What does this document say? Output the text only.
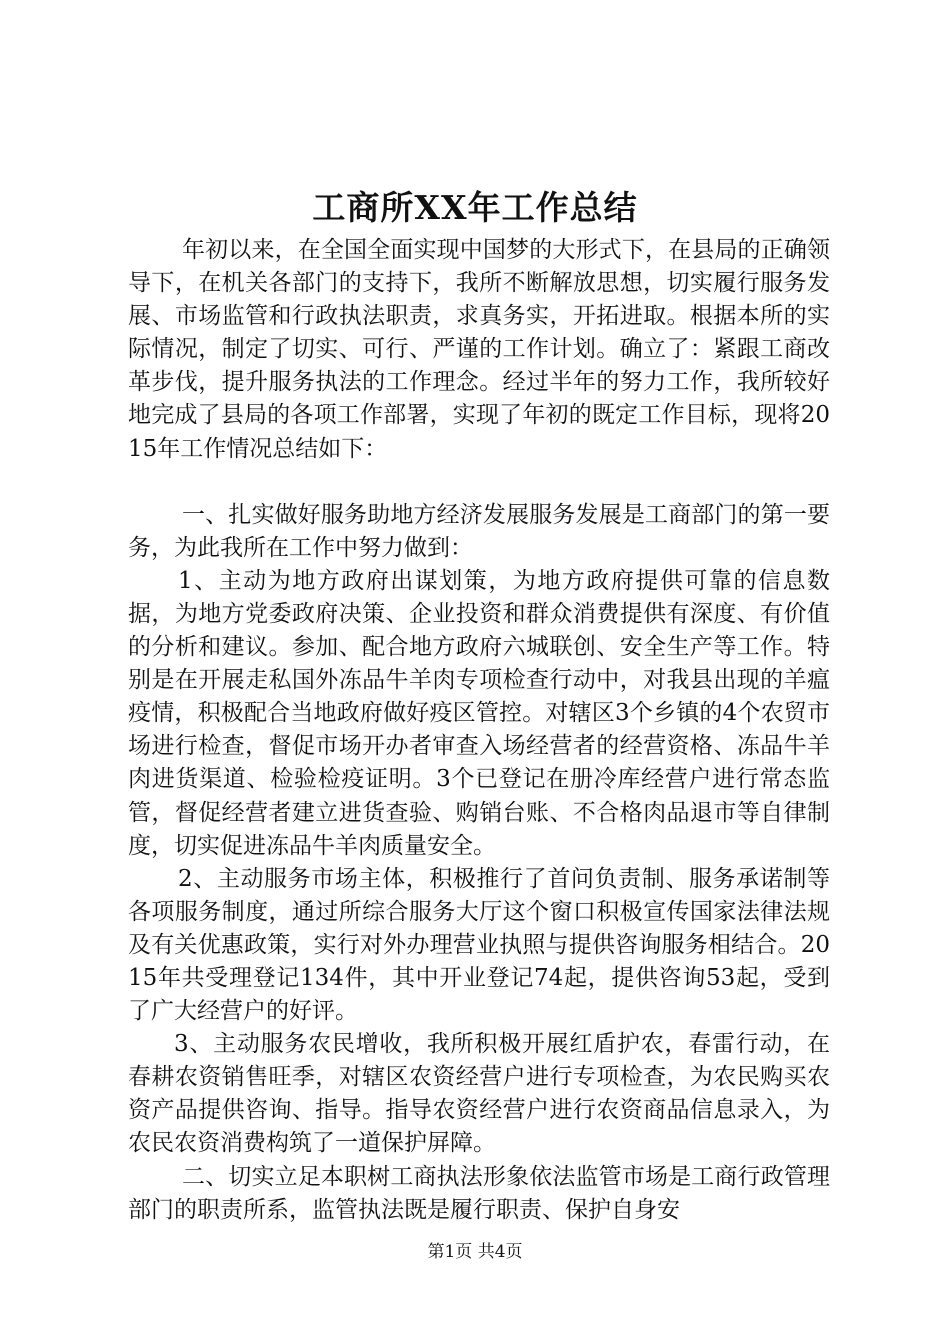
工商所XX年工作总结

年初以来，在全国全面实现中国梦的大形式下，在县局的正确领导下，在机关各部门的支持下，我所不断解放思想，切实履行服务发展、市场监管和行政执法职责，求真务实，开拓进取。根据本所的实际情况，制定了切实、可行、严谨的工作计划。确立了：紧跟工商改革步伐，提升服务执法的工作理念。经过半年的努力工作，我所较好地完成了县局的各项工作部署，实现了年初的既定工作目标，现将2015年工作情况总结如下：

一、扎实做好服务助地方经济发展服务发展是工商部门的第一要务，为此我所在工作中努力做到：

1、主动为地方政府出谋划策，为地方政府提供可靠的信息数据，为地方党委政府决策、企业投资和群众消费提供有深度、有价值的分析和建议。参加、配合地方政府六城联创、安全生产等工作。特别是在开展走私国外冻品牛羊肉专项检查行动中，对我县出现的羊瘟疫情，积极配合当地政府做好疫区管控。对辖区3个乡镇的4个农贸市场进行检查，督促市场开办者审查入场经营者的经营资格、冻品牛羊肉进货渠道、检验检疫证明。3个已登记在册冷库经营户进行常态监管，督促经营者建立进货查验、购销台账、不合格肉品退市等自律制度，切实促进冻品牛羊肉质量安全。

2、主动服务市场主体，积极推行了首问负责制、服务承诺制等各项服务制度，通过所综合服务大厅这个窗口积极宣传国家法律法规及有关优惠政策，实行对外办理营业执照与提供咨询服务相结合。2015年共受理登记134件，其中开业登记74起，提供咨询53起，受到了广大经营户的好评。

3、主动服务农民增收，我所积极开展红盾护农，春雷行动，在春耕农资销售旺季，对辖区农资经营户进行专项检查，为农民购买农资产品提供咨询、指导。指导农资经营户进行农资商品信息录入，为农民农资消费构筑了一道保护屏障。

二、切实立足本职树工商执法形象依法监管市场是工商行政管理部门的职责所系，监管执法既是履行职责、保护自身安

第1页 共4页
